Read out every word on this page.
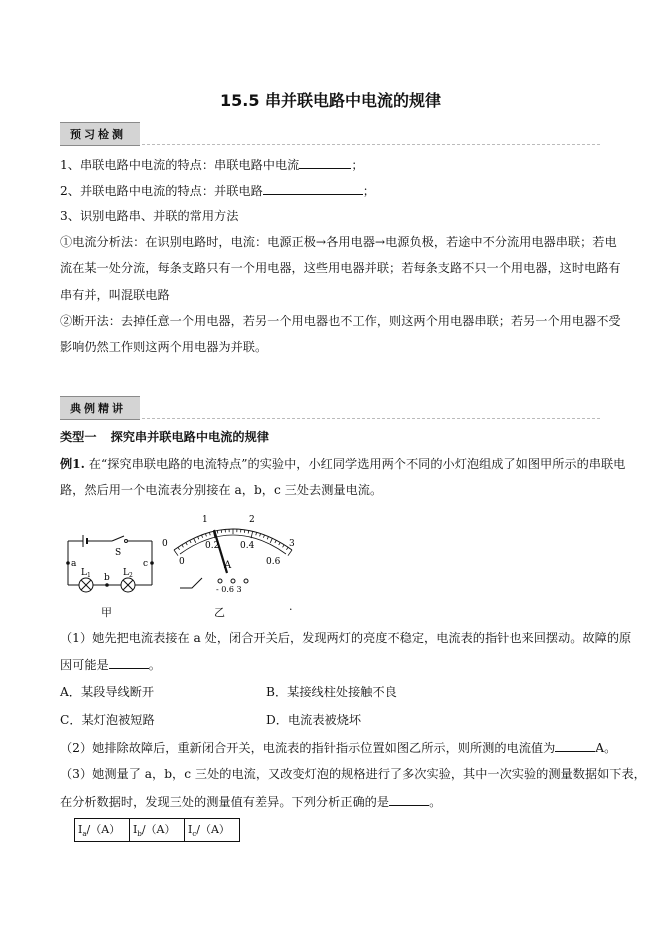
15.5 串并联电路中电流的规律
预习检测
1、串联电路中电流的特点：串联电路中电流	；
2、并联电路中电流的特点：并联电路	；
3、识别电路串、并联的常用方法
①电流分析法：在识别电路时，电流：电源正极→各用电器→电源负极，若途中不分流用电器串联；若电
流在某一处分流，每条支路只有一个用电器，这些用电器并联；若每条支路不只一个用电器，这时电路有
串有并，叫混联电路
②断开法：去掉任意一个用电器，若另一个用电器也不工作，则这两个用电器串联；若另一个用电器不受
影响仍然工作则这两个用电器为并联。
典例精讲
类型一 探究串并联电路中电流的规律
例1. 在“探究串联电路的电流特点”的实验中，小红同学选用两个不同的小灯泡组成了如图甲所示的串联电
路，然后用一个电流表分别接在 a，b，c 三处去测量电流。
S
a
b
c
$L_1$	$L_2$
甲
0
1	2
3
0
0.2 0.4
0.6
A
- 0.6 3
乙	.
（1）她先把电流表接在 a 处，闭合开关后，发现两灯的亮度不稳定，电流表的指针也来回摆动。故障的原
因可能是	。
A．某段导线断开	B．某接线柱处接触不良
C．某灯泡被短路	D．电流表被烧坏
（2）她排除故障后，重新闭合开关，电流表的指针指示位置如图乙所示，则所测的电流值为	A。
（3）她测量了 a，b，c 三处的电流，又改变灯泡的规格进行了多次实验，其中一次实验的测量数据如下表，
在分析数据时，发现三处的测量值有差异。下列分析正确的是	。
$I_a/(A)$	$I_b/(A)$	$I_c/(A)$
